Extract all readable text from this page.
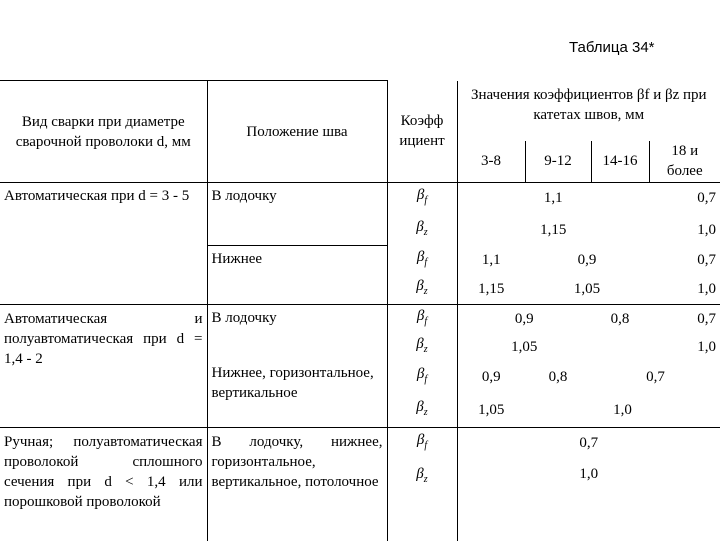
Таблица 34*
Вид сварки при диаметре сварочной проволоки d, мм	Положение шва	Коэфф
ициент	Значения коэффициентов βf и βz при катетах швов, мм			
			3-8	9-12	14-16	18 и
более

Автоматическая при d = 3 - 5	В лодочку	$\beta_f$	1,1			0,7
		$\beta_z$	1,15			1,0
	Нижнее	$\beta_f$	1,1	0,9		0,7
		$\beta_z$	1,15	1,05		1,0

Автоматическая и полуавтоматическая при d = 1,4 - 2	В лодочку	$\beta_f$	0,9		0,8	0,7
		$\beta_z$	1,05		1,0	
	Нижнее, горизонтальное, вертикальное	$\beta_f$	0,9	0,8	0,7	
		$\beta_z$	1,05	1,0		

Ручная; полуавтоматическая проволокой сплошного сечения при d < 1,4 или порошковой проволокой	В лодочку, нижнее, горизонтальное, вертикальное, потолочное	$\beta_f$	0,7			
		$\beta_z$	1,0			
